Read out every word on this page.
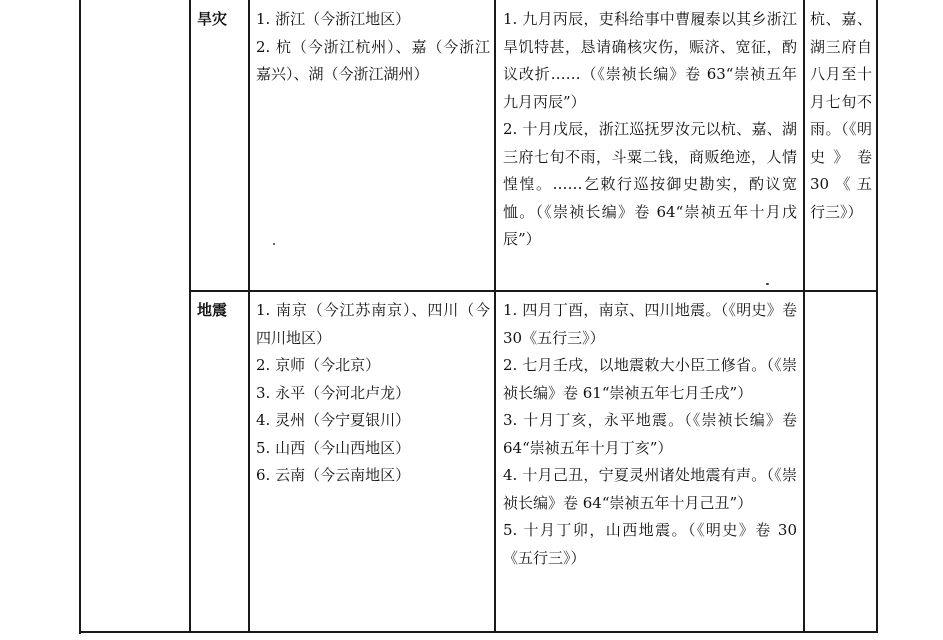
旱灾	1. 浙江（今浙江地区）

2. 杭（今浙江杭州）、嘉（今浙江嘉兴）、湖（今浙江湖州）

1. 九月丙辰，吏科给事中曹履泰以其乡浙江旱饥特甚，恳请确核灾伤，赈济、宽征，酌议改折……（《崇祯长编》卷 63“崇祯五年九月丙辰”）

2. 十月戊辰，浙江巡抚罗汝元以杭、嘉、湖三府七旬不雨，斗粟二钱，商贩绝迹，人情惶惶。……乞敕行巡按御史勘实，酌议宽恤。（《崇祯长编》卷 64“崇祯五年十月戊辰”）

杭、嘉、湖三府自八月至十月七旬不雨。（《明史》卷 30《五行三》）

地震	1. 南京（今江苏南京）、四川（今四川地区）

2. 京师（今北京）

3. 永平（今河北卢龙）

4. 灵州（今宁夏银川）

5. 山西（今山西地区）

6. 云南（今云南地区）

1. 四月丁酉，南京、四川地震。（《明史》卷 30《五行三》）

2. 七月壬戌，以地震敕大小臣工修省。（《崇祯长编》卷 61“崇祯五年七月壬戌”）

3. 十月丁亥，永平地震。（《崇祯长编》卷 64“崇祯五年十月丁亥”）

4. 十月己丑，宁夏灵州诸处地震有声。（《崇祯长编》卷 64“崇祯五年十月己丑”）

5. 十月丁卯，山西地震。（《明史》卷 30《五行三》）
